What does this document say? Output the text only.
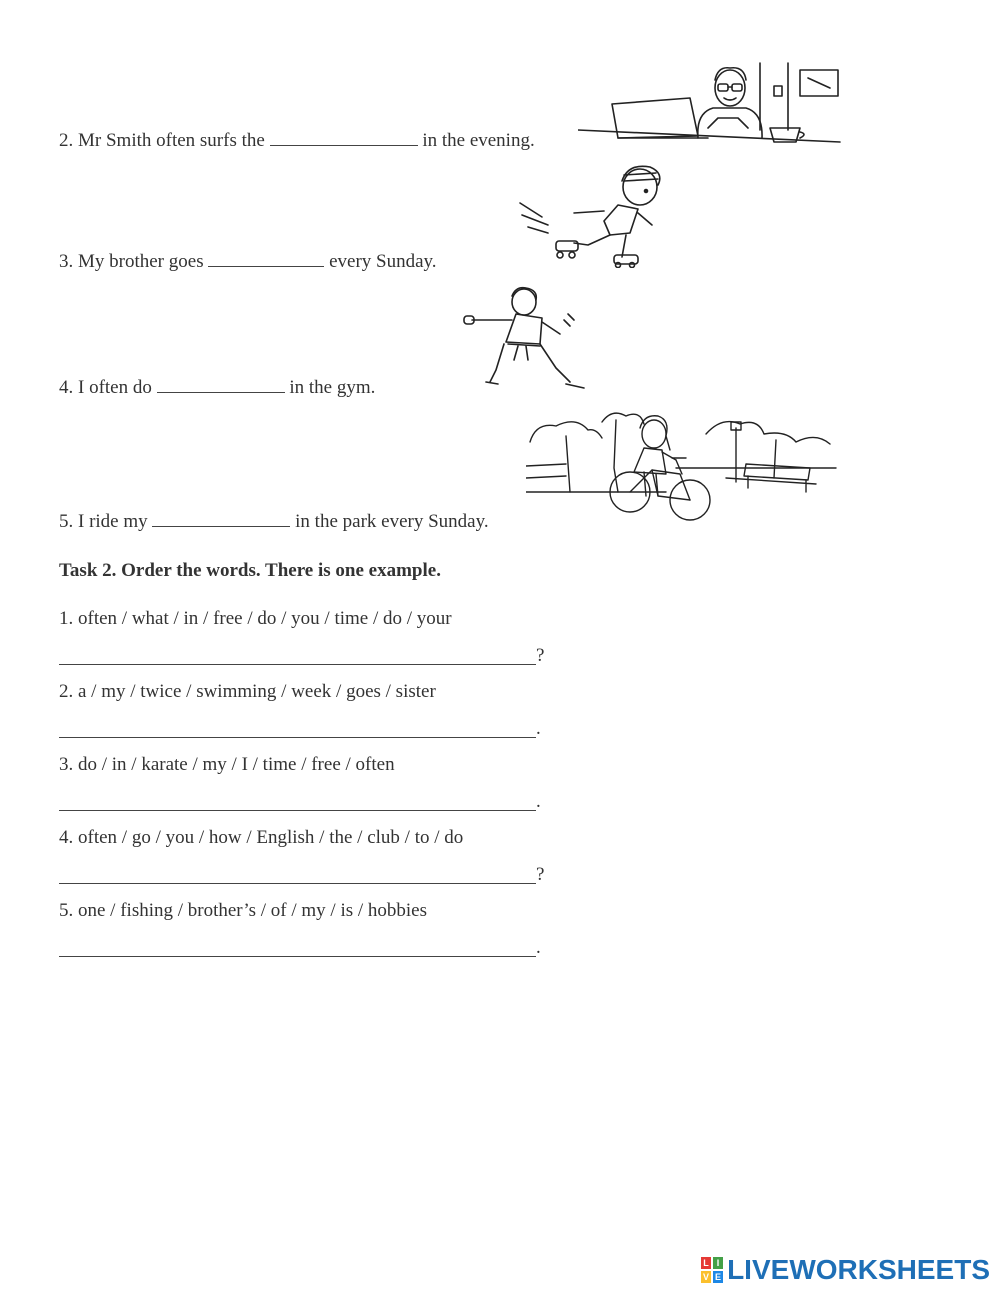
2. Mr Smith often surfs the	in the evening.
3. My brother goes	every Sunday.
4. I often do	in the gym.
5. I ride my	in the park every Sunday.
Task 2. Order the words. There is one example.
1. often / what / in / free / do / you / time / do / your
?
2. a / my / twice / swimming / week / goes / sister
.
3. do / in / karate / my / I / time / free / often
.
4. often / go / you / how / English / the / club / to / do
?
5. one / fishing / brother’s / of / my / is / hobbies
.
L I
V E LIVEWORKSHEETS
